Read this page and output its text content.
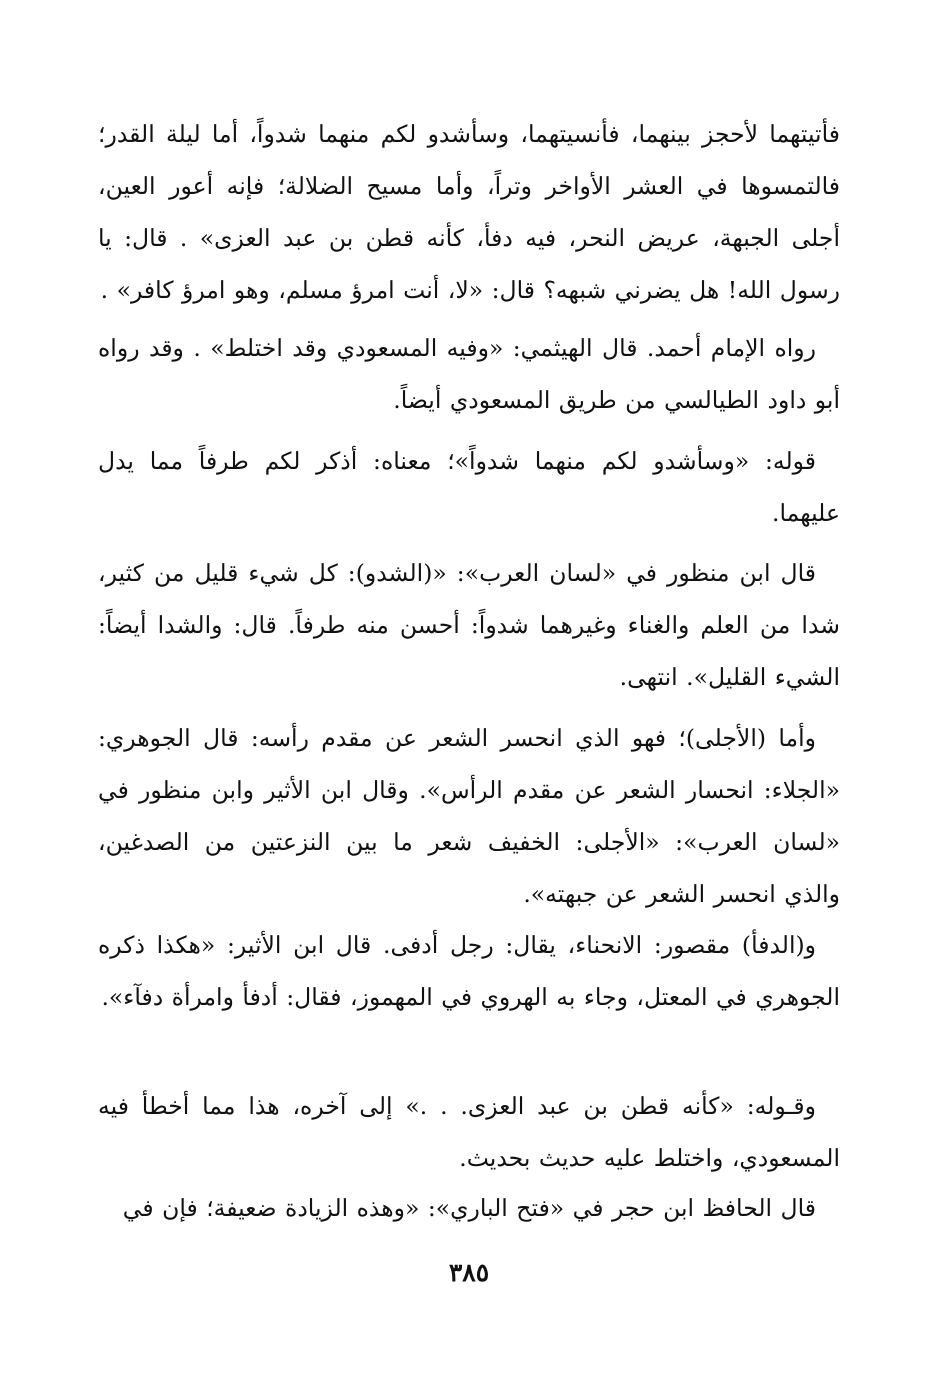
فأتيتهما لأحجز بينهما، فأنسيتهما، وسأشدو لكم منهما شدواً، أما ليلة القدر؛ فالتمسوها في العشر الأواخر وتراً، وأما مسيح الضلالة؛ فإنه أعور العين، أجلى الجبهة، عريض النحر، فيه دفأ، كأنه قطن بن عبد العزى» . قال: يا رسول الله! هل يضرني شبهه؟ قال: «لا، أنت امرؤ مسلم، وهو امرؤ كافر» .

رواه الإمام أحمد. قال الهيثمي: «وفيه المسعودي وقد اختلط» . وقد رواه أبو داود الطيالسي من طريق المسعودي أيضاً.

قوله: «وسأشدو لكم منهما شدواً»؛ معناه: أذكر لكم طرفاً مما يدل عليهما.

قال ابن منظور في «لسان العرب»: «(الشدو): كل شيء قليل من كثير، شدا من العلم والغناء وغيرهما شدواً: أحسن منه طرفاً. قال: والشدا أيضاً: الشيء القليل». انتهى.

وأما (الأجلى)؛ فهو الذي انحسر الشعر عن مقدم رأسه: قال الجوهري: «الجلاء: انحسار الشعر عن مقدم الرأس». وقال ابن الأثير وابن منظور في «لسان العرب»: «الأجلى: الخفيف شعر ما بين النزعتين من الصدغين، والذي انحسر الشعر عن جبهته».

و(الدفأ) مقصور: الانحناء، يقال: رجل أدفى. قال ابن الأثير: «هكذا ذكره الجوهري في المعتل، وجاء به الهروي في المهموز، فقال: أدفأ وامرأة دفآء».

وقـوله: «كأنه قطن بن عبد العزى. . .» إلى آخره، هذا مما أخطأ فيه المسعودي، واختلط عليه حديث بحديث.

قال الحافظ ابن حجر في «فتح الباري»: «وهذه الزيادة ضعيفة؛ فإن في

٣٨٥
